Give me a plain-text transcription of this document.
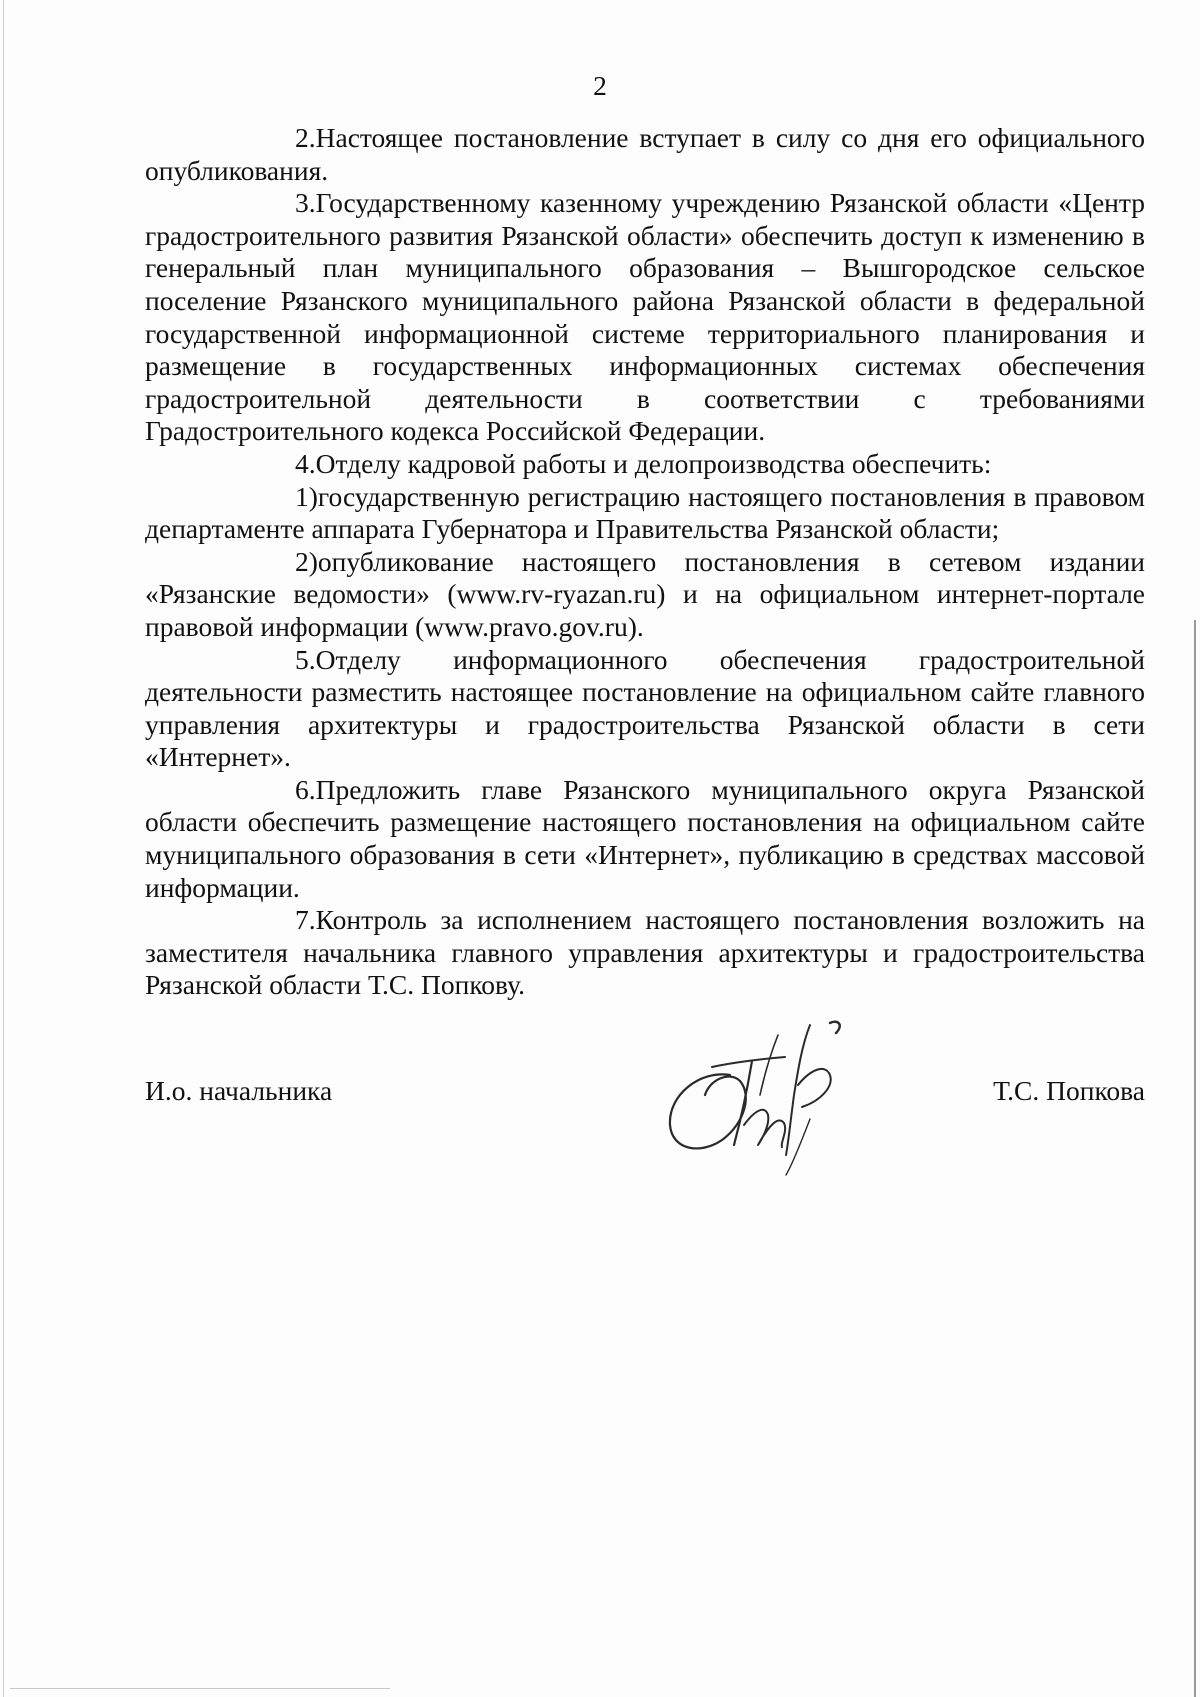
2

2.Настоящее постановление вступает в силу со дня его официального опубликования.

3.Государственному казенному учреждению Рязанской области «Центр градостроительного развития Рязанской области» обеспечить доступ к изменению в генеральный план муниципального образования – Вышгородское сельское поселение Рязанского муниципального района Рязанской области в федеральной государственной информационной системе территориального планирования и размещение в государственных информационных системах обеспечения градостроительной деятельности в соответствии с требованиями Градостроительного кодекса Российской Федерации.

4.Отделу кадровой работы и делопроизводства обеспечить:

1)государственную регистрацию настоящего постановления в правовом департаменте аппарата Губернатора и Правительства Рязанской области;

2)опубликование настоящего постановления в сетевом издании «Рязанские ведомости» (www.rv-ryazan.ru) и на официальном интернет-портале правовой информации (www.pravo.gov.ru).

5.Отделу информационного обеспечения градостроительной деятельности разместить настоящее постановление на официальном сайте главного управления архитектуры и градостроительства Рязанской области в сети «Интернет».

6.Предложить главе Рязанского муниципального округа Рязанской области обеспечить размещение настоящего постановления на официальном сайте муниципального образования в сети «Интернет», публикацию в средствах массовой информации.

7.Контроль за исполнением настоящего постановления возложить на заместителя начальника главного управления архитектуры и градостроительства Рязанской области Т.С. Попкову.

И.о. начальника	Т.С. Попкова
